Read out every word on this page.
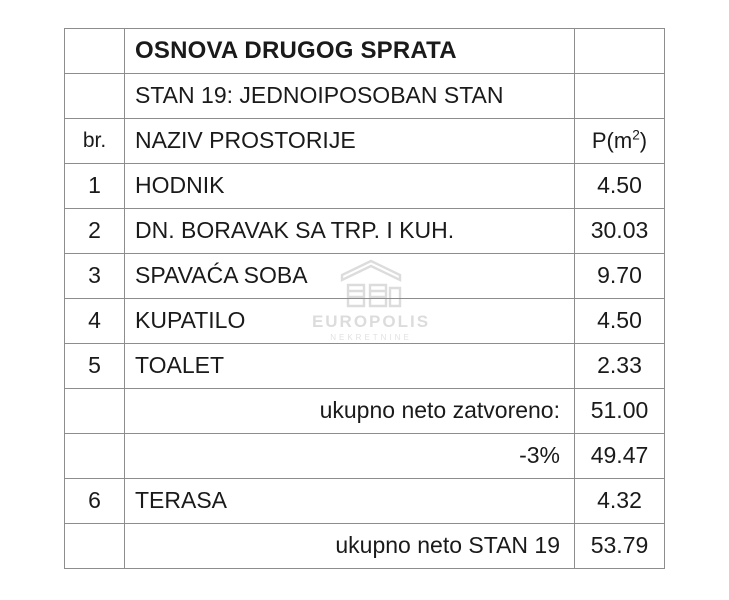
	OSNOVA DRUGOG SPRATA	
	STAN 19: JEDNOIPOSOBAN STAN	
br.	NAZIV PROSTORIJE	$P(m^2)$
1	HODNIK	4.50
2	DN. BORAVAK SA TRP. I KUH.	30.03
3	SPAVAĆA SOBA	9.70
4	KUPATILO	4.50
5	TOALET	2.33
	ukupno neto zatvoreno:	51.00
	-3%	49.47
6	TERASA	4.32
	ukupno neto STAN 19	53.79
EUROPOLIS
NEKRETNINE
